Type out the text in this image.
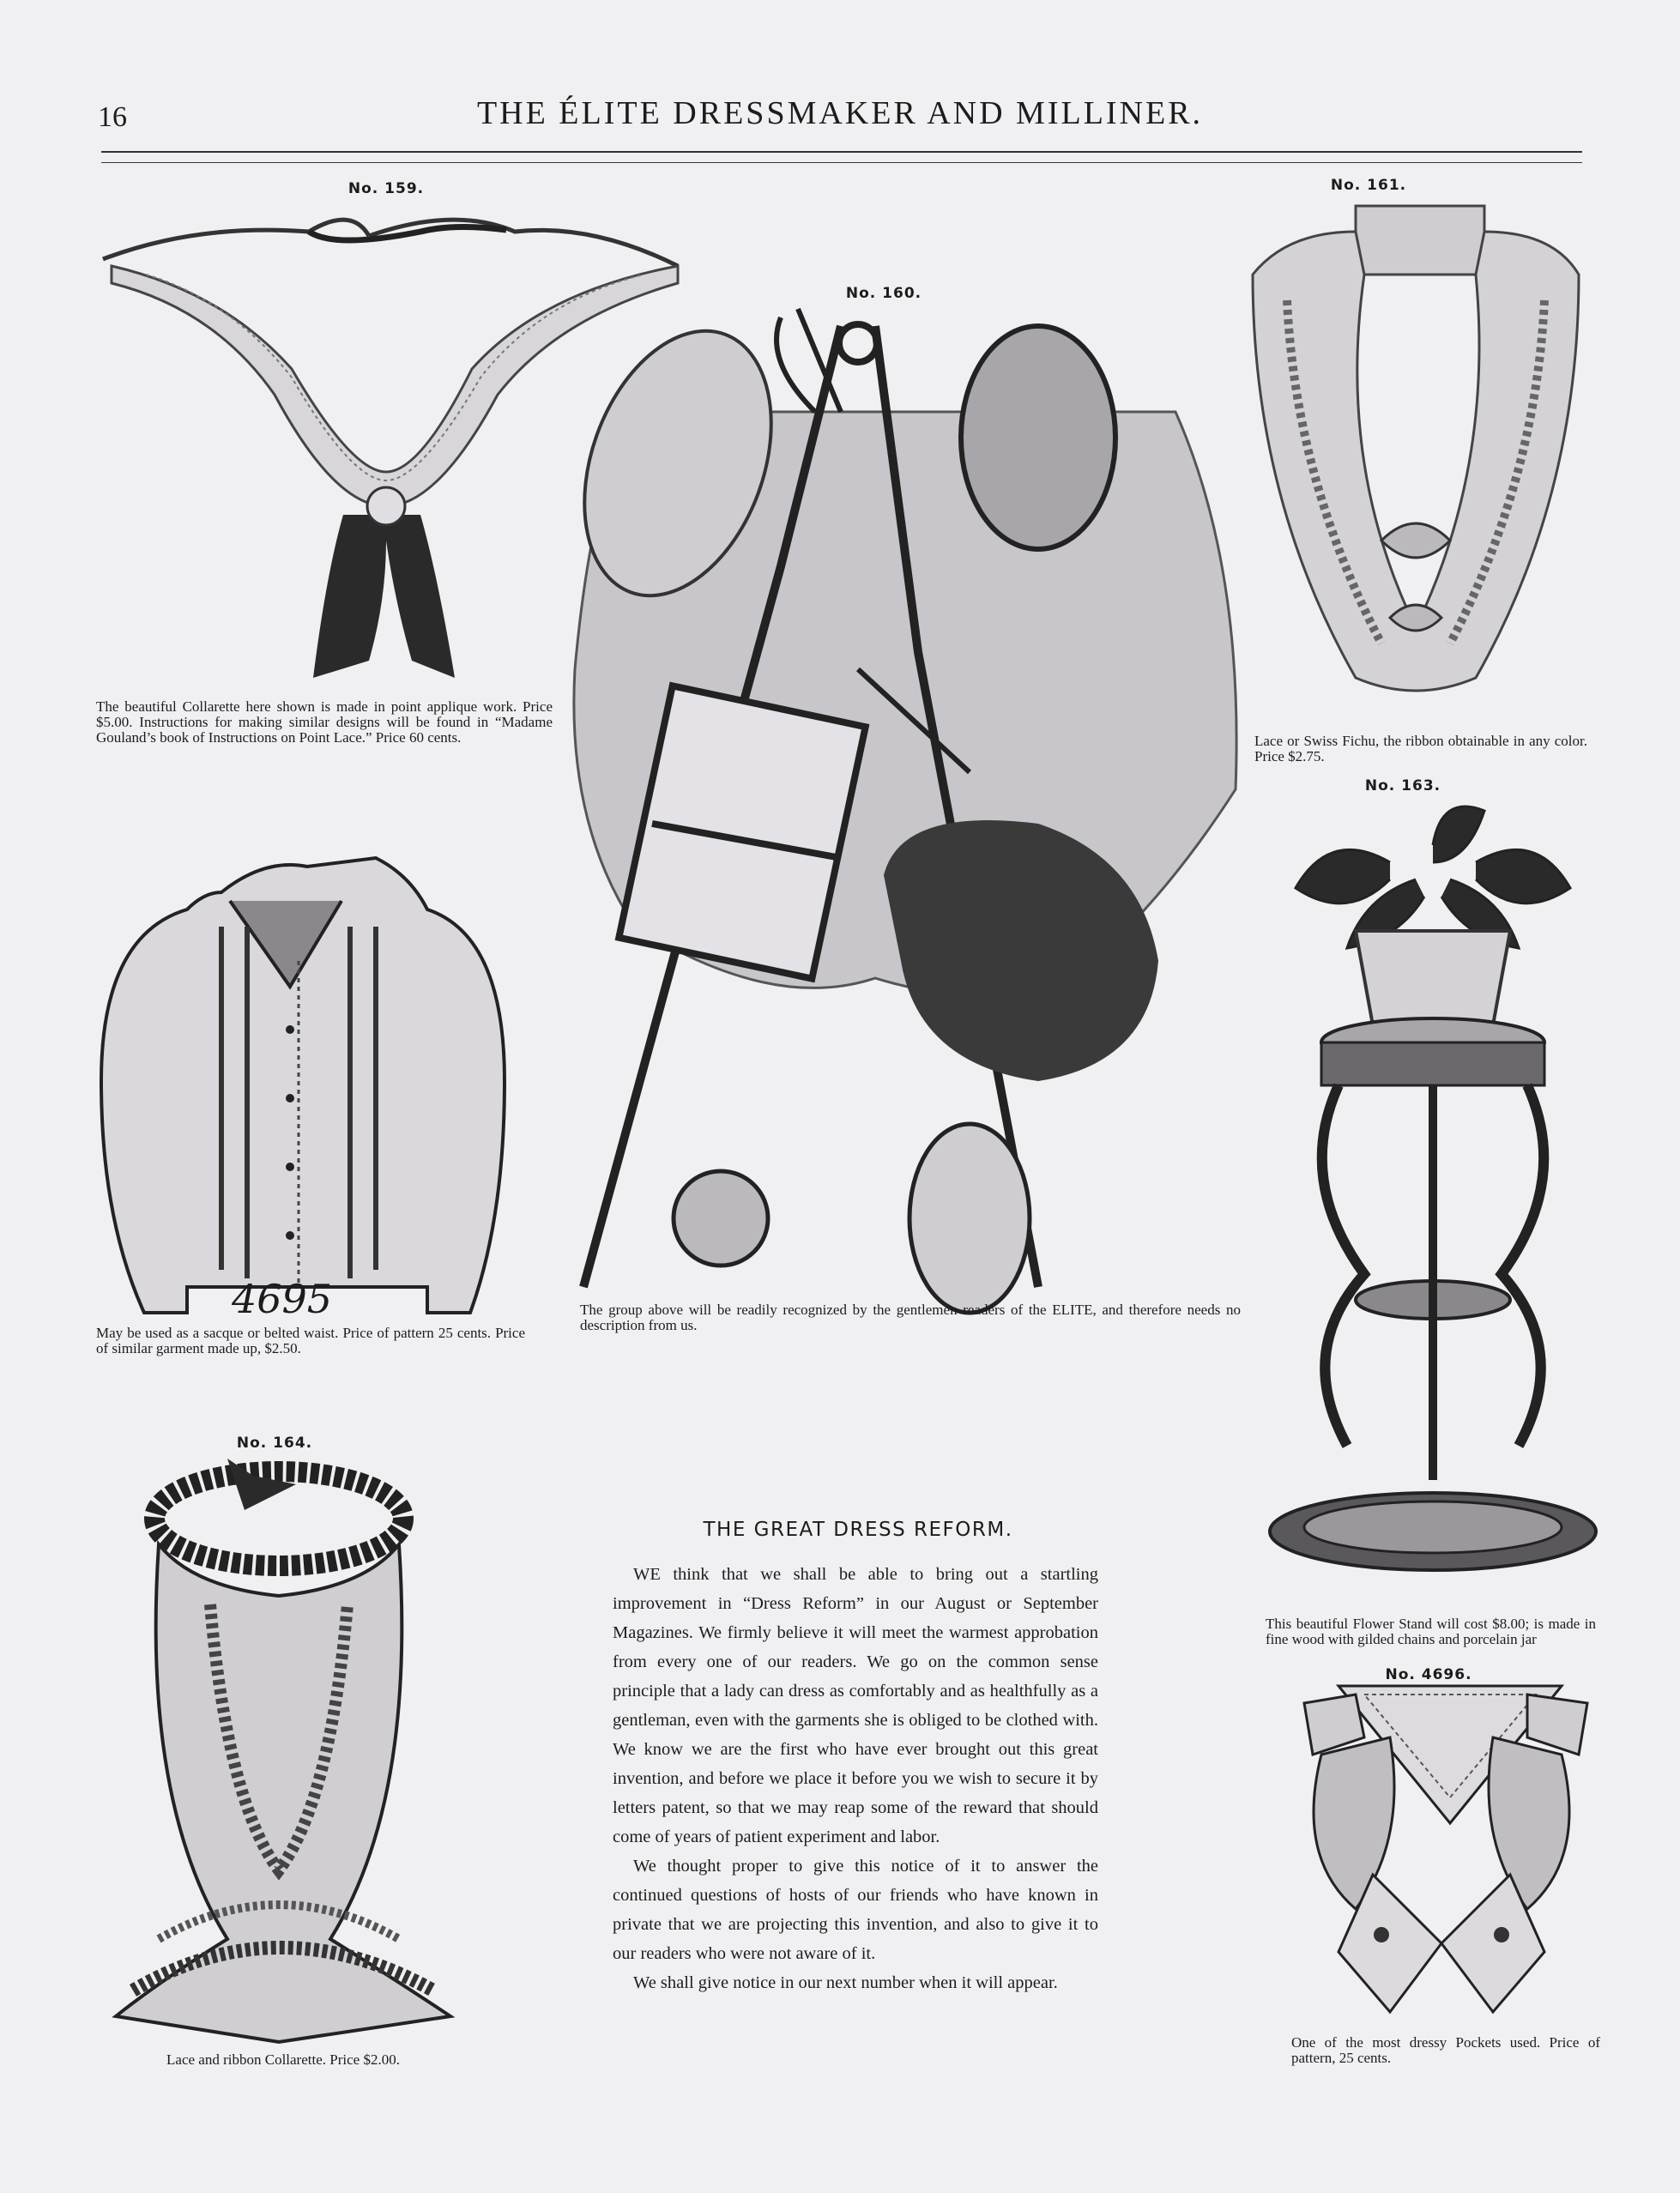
16	THE ÉLITE DRESSMAKER AND MILLINER.
No. 159.
The beautiful Collarette here shown is made in point applique work. Price $5.00. Instructions for making similar designs will be found in “Madame Gouland’s book of Instructions on Point Lace.” Price 60 cents.
No. 160.
The group above will be readily recognized by the gentlemen readers of the ELITE, and therefore needs no description from us.
No. 161.
Lace or Swiss Fichu, the ribbon obtainable in any color. Price $2.75.
4695
May be used as a sacque or belted waist. Price of pattern 25 cents. Price of similar garment made up, $2.50.
No. 163.
This beautiful Flower Stand will cost $8.00; is made in fine wood with gilded chains and porcelain jar
No. 164.
Lace and ribbon Collarette. Price $2.00.
No. 4696.
One of the most dressy Pockets used. Price of pattern, 25 cents.
THE GREAT DRESS REFORM.

WE think that we shall be able to bring out a startling improvement in “Dress Reform” in our August or September Magazines. We firmly believe it will meet the warmest approbation from every one of our readers. We go on the common sense principle that a lady can dress as comfortably and as healthfully as a gentleman, even with the garments she is obliged to be clothed with. We know we are the first who have ever brought out this great invention, and before we place it before you we wish to secure it by letters patent, so that we may reap some of the reward that should come of years of patient experiment and labor.

We thought proper to give this notice of it to answer the continued questions of hosts of our friends who have known in private that we are projecting this invention, and also to give it to our readers who were not aware of it.

We shall give notice in our next number when it will appear.
